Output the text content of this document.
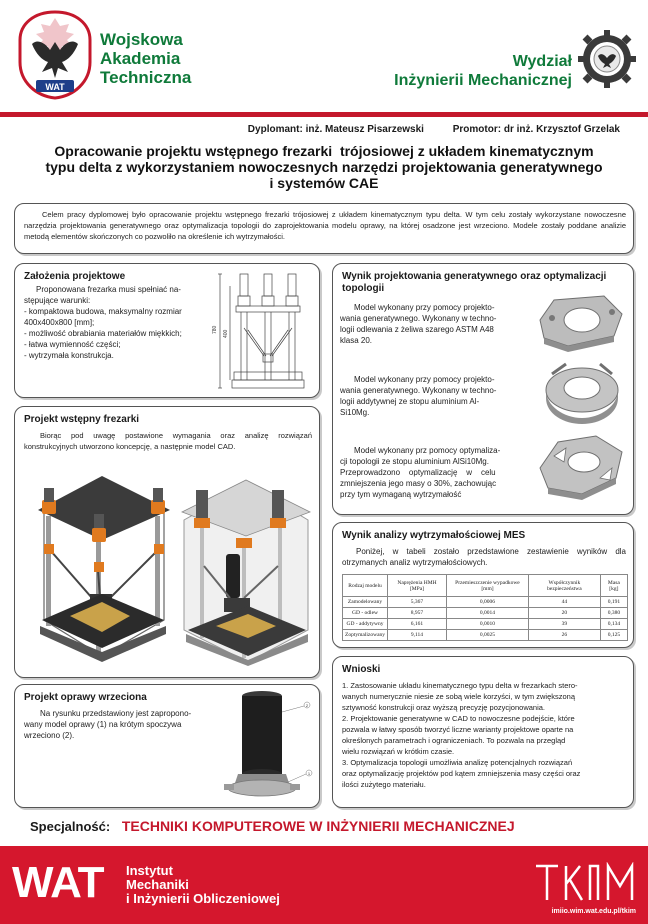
WAT
Wojskowa
Akademia
Techniczna
Wydział
Inżynierii Mechanicznej
Dyplomant: inż. Mateusz Pisarzewski	Promotor: dr inż. Krzysztof Grzelak
Opracowanie projektu wstępnego frezarki  trójosiowej z układem kinematycznym
typu delta z wykorzystaniem nowoczesnych narzędzi projektowania generatywnego
i systemów CAE
Celem pracy dyplomowej było opracowanie projektu wstępnego frezarki trójosiowej z układem kinematycznym typu delta. W tym celu zostały wykorzystane nowoczesne narzędzia projektowania generatywnego oraz optymalizacja topologii do zaprojektowania modelu oprawy, na której osadzone jest wrzeciono. Modele zostały poddane analizie metodą elementów skończonych co pozwoliło na określenie ich wytrzymałości.
Założenia projektowe
Proponowana frezarka musi spełniać na-
stępujące warunki:
- kompaktowa budowa, maksymalny rozmiar
400x400x800 [mm];
- możliwość obrabiania materiałów miękkich;
- łatwa wymienność części;
- wytrzymała konstrukcja.
780 400
Projekt wstępny frezarki
Biorąc pod uwagę postawione wymagania oraz analizę rozwiązań konstrukcyjnych utworzono koncepcję, a następnie model CAD.
Projekt oprawy wrzeciona
Na rysunku przedstawiony jest zapropono-
wany model oprawy (1) na krótym spoczywa
wrzeciono (2).
2
1
Wynik projektowania generatywnego oraz optymalizacji
topologii
Model wykonany przy pomocy projekto-
wania generatywnego. Wykonany w techno-
logii odlewania z żeliwa szarego ASTM A48
klasa 20.
Model wykonany przy pomocy projekto-
wania generatywnego. Wykonany w techno-
logii addytywnej ze stopu aluminium Al-
Si10Mg.
Model wykonany prz pomocy optymaliza-
cji topologii ze stopu aluminium AlSi10Mg.
Przeprowadzono    optymalizację    w    celu
zmniejszenia jego masy o 30%, zachowując
przy tym wymaganą wytrzymałość
Wynik analizy wytrzymałościowej MES
Poniżej, w tabeli zostało przedstawione zestawienie wyników dla otrzymanych analiz wytrzymałościowych.
Rodzaj modelu	Naprężenia HMH [MPa]	Przemieszczenie wypadkowe [mm]	Współczynnik bezpieczeństwa	Masa [kg]
Zamodelowany	5,367	0,0006	44	0,191
GD - odlew	8,957	0,0014	20	0,380
GD - addytywny	6,161	0,0010	39	0,134
Zoptymalizowany	9,114	0,0025	26	0,125
Wnioski
1. Zastosowanie układu kinematycznego typu delta w frezarkach stero-
wanych numerycznie niesie ze sobą wiele korzyści, w tym zwiększoną
sztywność konstrukcji oraz wyższą precyzję pozycjonowania.
2. Projektowanie generatywne w CAD to nowoczesne podejście, które
pozwala w łatwy sposób tworzyć liczne warianty projektowe oparte na
określonych parametrach i ograniczeniach. To pozwala na przegląd
wielu rozwiązań w krótkim czasie.
3. Optymalizacja topologii umożliwia analizę potencjalnych rozwiązań
oraz optymalizację projektów pod kątem zmniejszenia masy części oraz
ilości zużytego materiału.
Specjalność: TECHNIKI KOMPUTEROWE W INŻYNIERII MECHANICZNEJ
WAT Instytut
Mechaniki
i Inżynierii Obliczeniowej
imiio.wim.wat.edu.pl/tkim
